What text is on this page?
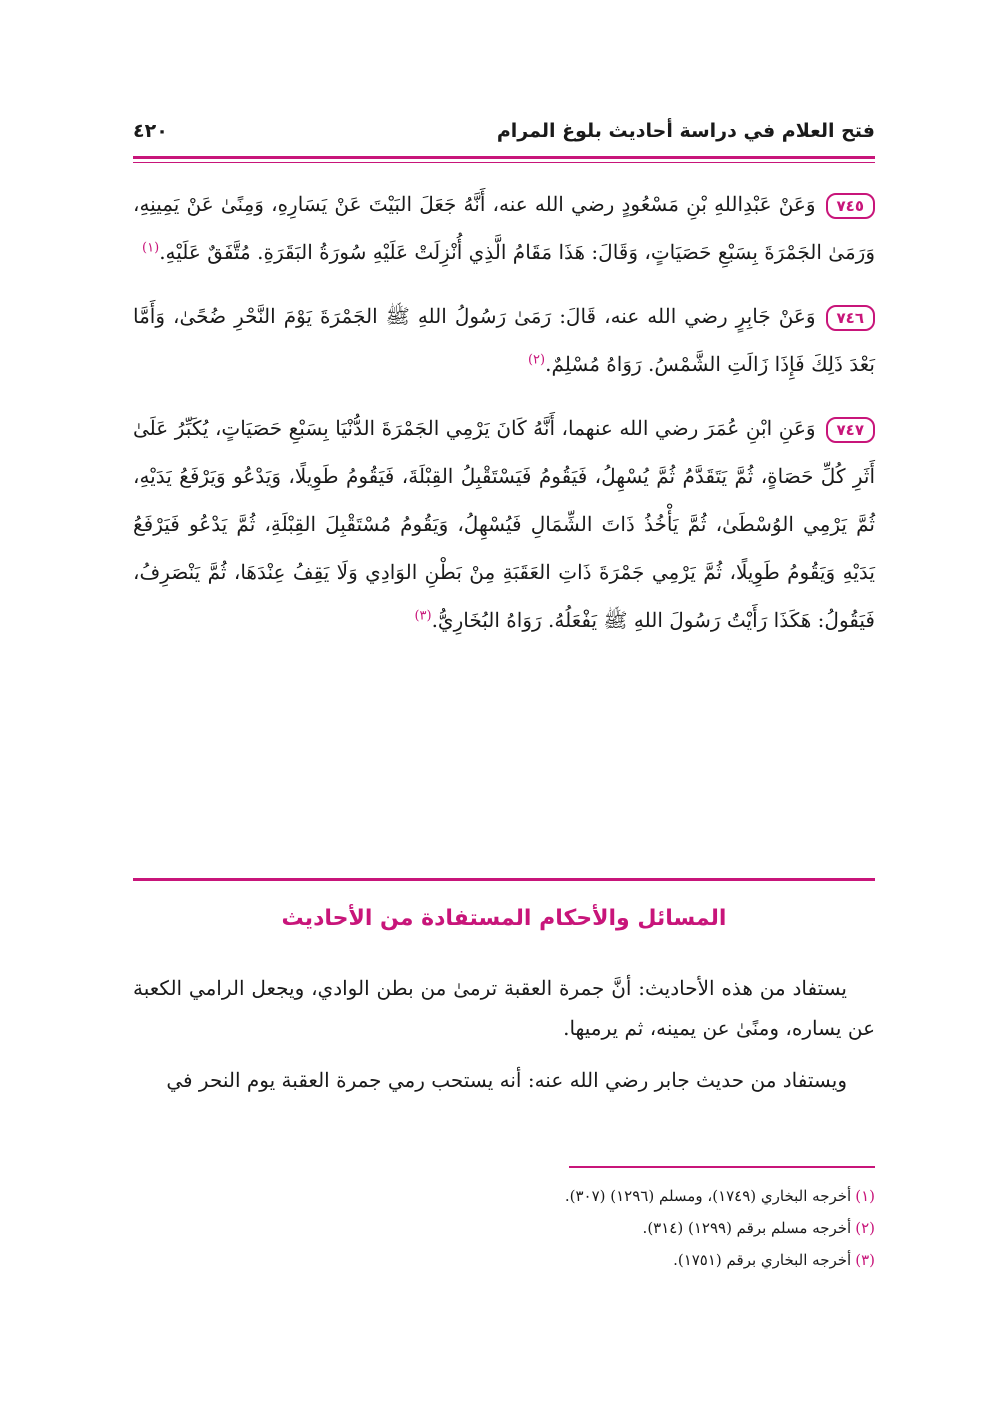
٤٢٠	فتح العلام في دراسة أحاديث بلوغ المرام

٧٤٥وَعَنْ عَبْدِاللهِ بْنِ مَسْعُودٍ رضي الله عنه، أَنَّهُ جَعَلَ البَيْتَ عَنْ يَسَارِهِ، وَمِنًىٰ عَنْ يَمِينِهِ، وَرَمَىٰ الجَمْرَةَ بِسَبْعِ حَصَيَاتٍ، وَقَالَ: هَذَا مَقَامُ الَّذِي أُنْزِلَتْ عَلَيْهِ سُورَةُ البَقَرَةِ. مُتَّفَقٌ عَلَيْهِ.$^{(١)}$

٧٤٦وَعَنْ جَابِرٍ رضي الله عنه، قَالَ: رَمَىٰ رَسُولُ اللهِ ﷺ الجَمْرَةَ يَوْمَ النَّحْرِ ضُحًىٰ، وَأَمَّا بَعْدَ ذَلِكَ فَإِذَا زَالَتِ الشَّمْسُ. رَوَاهُ مُسْلِمٌ.$^{(٢)}$

٧٤٧وَعَنِ ابْنِ عُمَرَ رضي الله عنهما، أَنَّهُ كَانَ يَرْمِي الجَمْرَةَ الدُّنْيَا بِسَبْعِ حَصَيَاتٍ، يُكَبِّرُ عَلَىٰ أَثَرِ كُلِّ حَصَاةٍ، ثُمَّ يَتَقَدَّمُ ثُمَّ يُسْهِلُ، فَيَقُومُ فَيَسْتَقْبِلُ القِبْلَةَ، فَيَقُومُ طَوِيلًا، وَيَدْعُو وَيَرْفَعُ يَدَيْهِ، ثُمَّ يَرْمِي الوُسْطَىٰ، ثُمَّ يَأْخُذُ ذَاتَ الشِّمَالِ فَيُسْهِلُ، وَيَقُومُ مُسْتَقْبِلَ القِبْلَةِ، ثُمَّ يَدْعُو فَيَرْفَعُ يَدَيْهِ وَيَقُومُ طَوِيلًا، ثُمَّ يَرْمِي جَمْرَةَ ذَاتِ العَقَبَةِ مِنْ بَطْنِ الوَادِي وَلَا يَقِفُ عِنْدَهَا، ثُمَّ يَنْصَرِفُ، فَيَقُولُ: هَكَذَا رَأَيْتُ رَسُولَ اللهِ ﷺ يَفْعَلُهُ. رَوَاهُ البُخَارِيُّ.$^{(٣)}$

المسائل والأحكام المستفادة من الأحاديث

يستفاد من هذه الأحاديث: أنَّ جمرة العقبة ترمىٰ من بطن الوادي، ويجعل الرامي الكعبة عن يساره، ومنًىٰ عن يمينه، ثم يرميها.

ويستفاد من حديث جابر رضي الله عنه: أنه يستحب رمي جمرة العقبة يوم النحر في

(١)أخرجه البخاري (١٧٤٩)، ومسلم (١٢٩٦) (٣٠٧).
(٢)أخرجه مسلم برقم (١٢٩٩) (٣١٤).
(٣)أخرجه البخاري برقم (١٧٥١).
